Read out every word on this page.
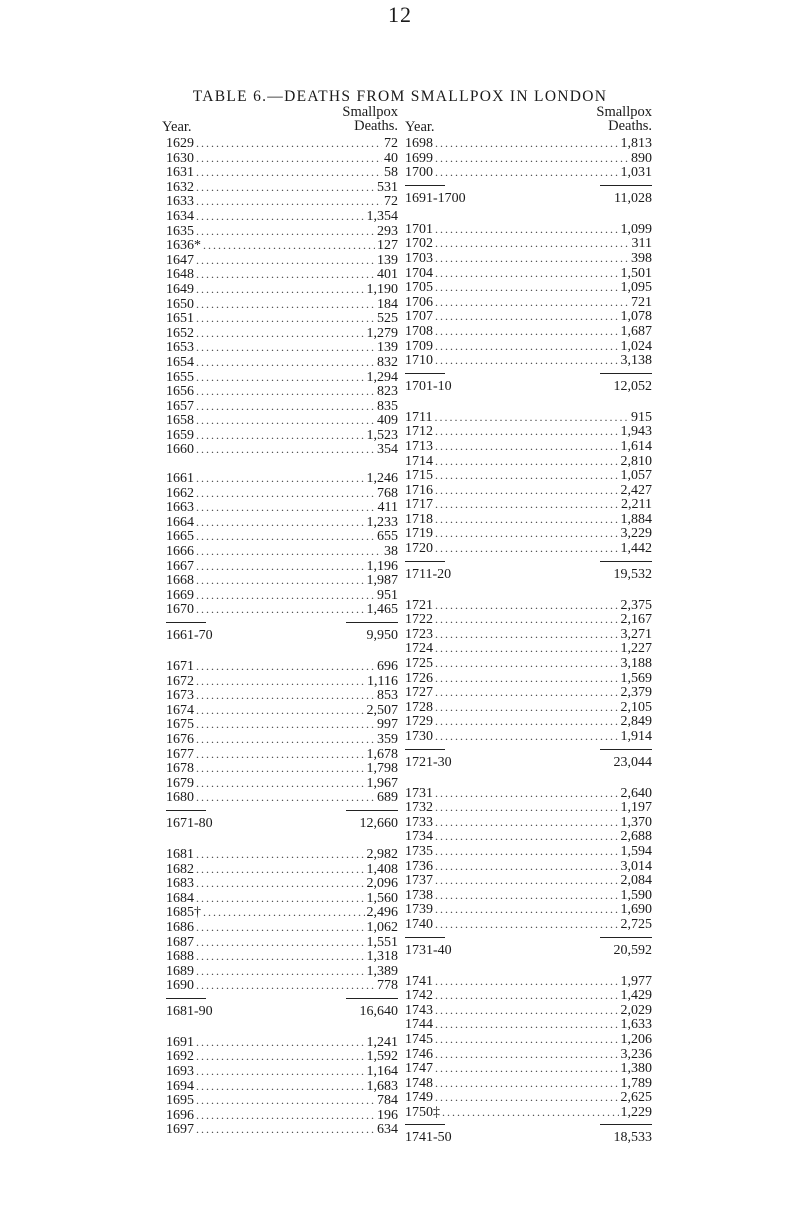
12
TABLE 6.—DEATHS FROM SMALLPOX IN LONDON
Year.
Smallpox
Deaths.
1629 .....	72
1630 .....	40
1631 .....	58
1632 .....	531
1633 .....	72
1634 .....	1,354
1635 .....	293
1636* .....	127
1647 .....	139
1648 .....	401
1649 .....	1,190
1650 .....	184
1651 .....	525
1652 .....	1,279
1653 .....	139
1654 .....	832
1655 .....	1,294
1656 .....	823
1657 .....	835
1658 .....	409
1659 .....	1,523
1660 .....	354
1661 .....	1,246
1662 .....	768
1663 .....	411
1664 .....	1,233
1665 .....	655
1666 .....	38
1667 .....	1,196
1668 .....	1,987
1669 .....	951
1670 .....	1,465
1661-70	9,950
1671 .....	696
1672 .....	1,116
1673 .....	853
1674 .....	2,507
1675 .....	997
1676 .....	359
1677 .....	1,678
1678 .....	1,798
1679 .....	1,967
1680 .....	689
1671-80	12,660
1681 .....	2,982
1682 .....	1,408
1683 .....	2,096
1684 .....	1,560
1685† .....	2,496
1686 .....	1,062
1687 .....	1,551
1688 .....	1,318
1689 .....	1,389
1690 .....	778
1681-90	16,640
1691 .....	1,241
1692 .....	1,592
1693 .....	1,164
1694 .....	1,683
1695 .....	784
1696 .....	196
1697 .....	634
Year.
Smallpox
Deaths.
1698 .....	1,813
1699 .....	890
1700 .....	1,031
1691-1700	11,028
1701 .....	1,099
1702 .....	311
1703 .....	398
1704 .....	1,501
1705 .....	1,095
1706 .....	721
1707 .....	1,078
1708 .....	1,687
1709 .....	1,024
1710 .....	3,138
1701-10	12,052
1711 .....	915
1712 .....	1,943
1713 .....	1,614
1714 .....	2,810
1715 .....	1,057
1716 .....	2,427
1717 .....	2,211
1718 .....	1,884
1719 .....	3,229
1720 .....	1,442
1711-20	19,532
1721 .....	2,375
1722 .....	2,167
1723 .....	3,271
1724 .....	1,227
1725 .....	3,188
1726 .....	1,569
1727 .....	2,379
1728 .....	2,105
1729 .....	2,849
1730 .....	1,914
1721-30	23,044
1731 .....	2,640
1732 .....	1,197
1733 .....	1,370
1734 .....	2,688
1735 .....	1,594
1736 .....	3,014
1737 .....	2,084
1738 .....	1,590
1739 .....	1,690
1740 .....	2,725
1731-40	20,592
1741 .....	1,977
1742 .....	1,429
1743 .....	2,029
1744 .....	1,633
1745 .....	1,206
1746 .....	3,236
1747 .....	1,380
1748 .....	1,789
1749 .....	2,625
1750‡ .....	1,229
1741-50	18,533
